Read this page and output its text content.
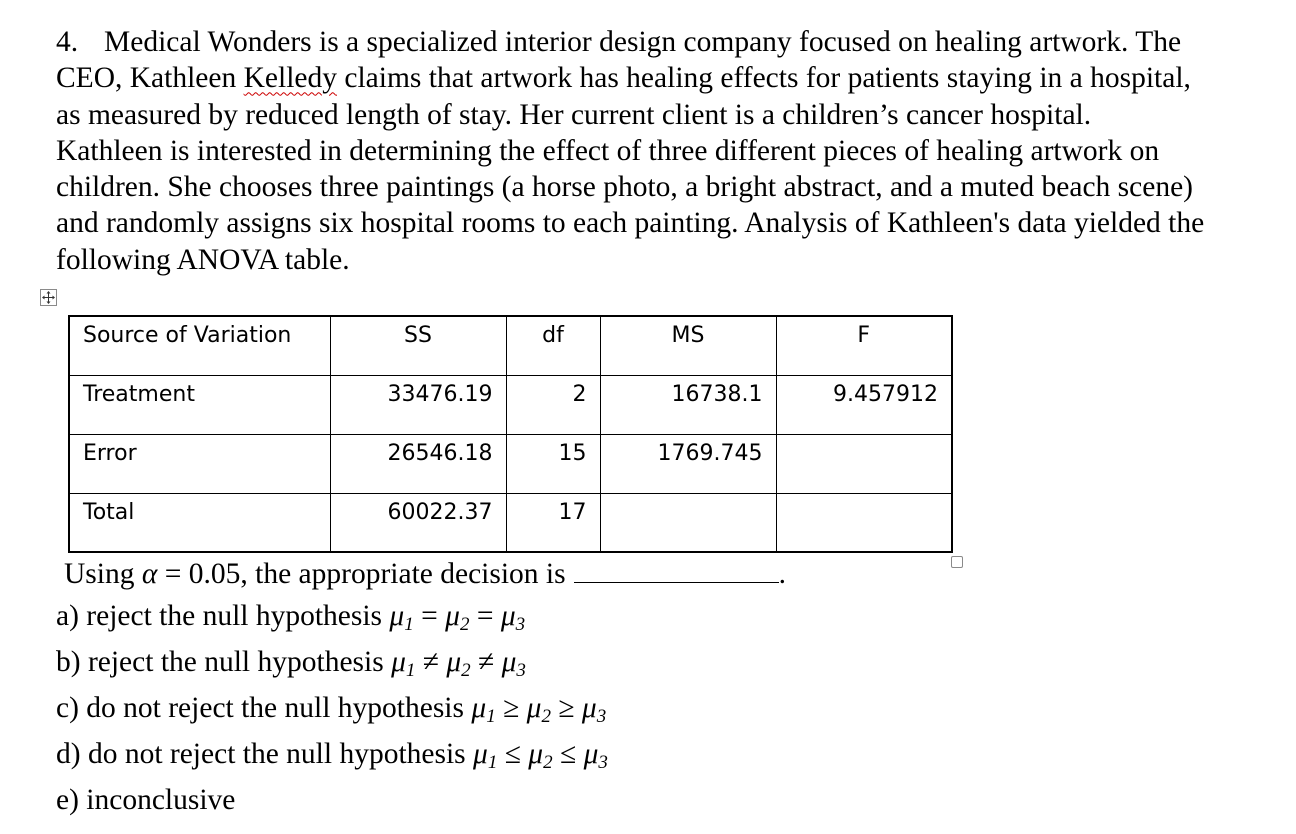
4. Medical Wonders is a specialized interior design company focused on healing artwork. The
CEO, Kathleen Kelledy claims that artwork has healing effects for patients staying in a hospital,
as measured by reduced length of stay. Her current client is a children’s cancer hospital.
Kathleen is interested in determining the effect of three different pieces of healing artwork on
children. She chooses three paintings (a horse photo, a bright abstract, and a muted beach scene)
and randomly assigns six hospital rooms to each painting. Analysis of Kathleen's data yielded the
following ANOVA table.
Source of Variation	SS	df	MS	F
Treatment	33476.19	2	16738.1	9.457912
Error	26546.18	15	1769.745	
Total	60022.37	17		
Using α = 0.05, the appropriate decision is	.
a) reject the null hypothesis $\mu_1 = \mu_2 = \mu_3$
b) reject the null hypothesis $\mu_1 \ne \mu_2 \ne \mu_3$
c) do not reject the null hypothesis $\mu_1 \ge \mu_2 \ge \mu_3$
d) do not reject the null hypothesis $\mu_1 \le \mu_2 \le \mu_3$
e) inconclusive
